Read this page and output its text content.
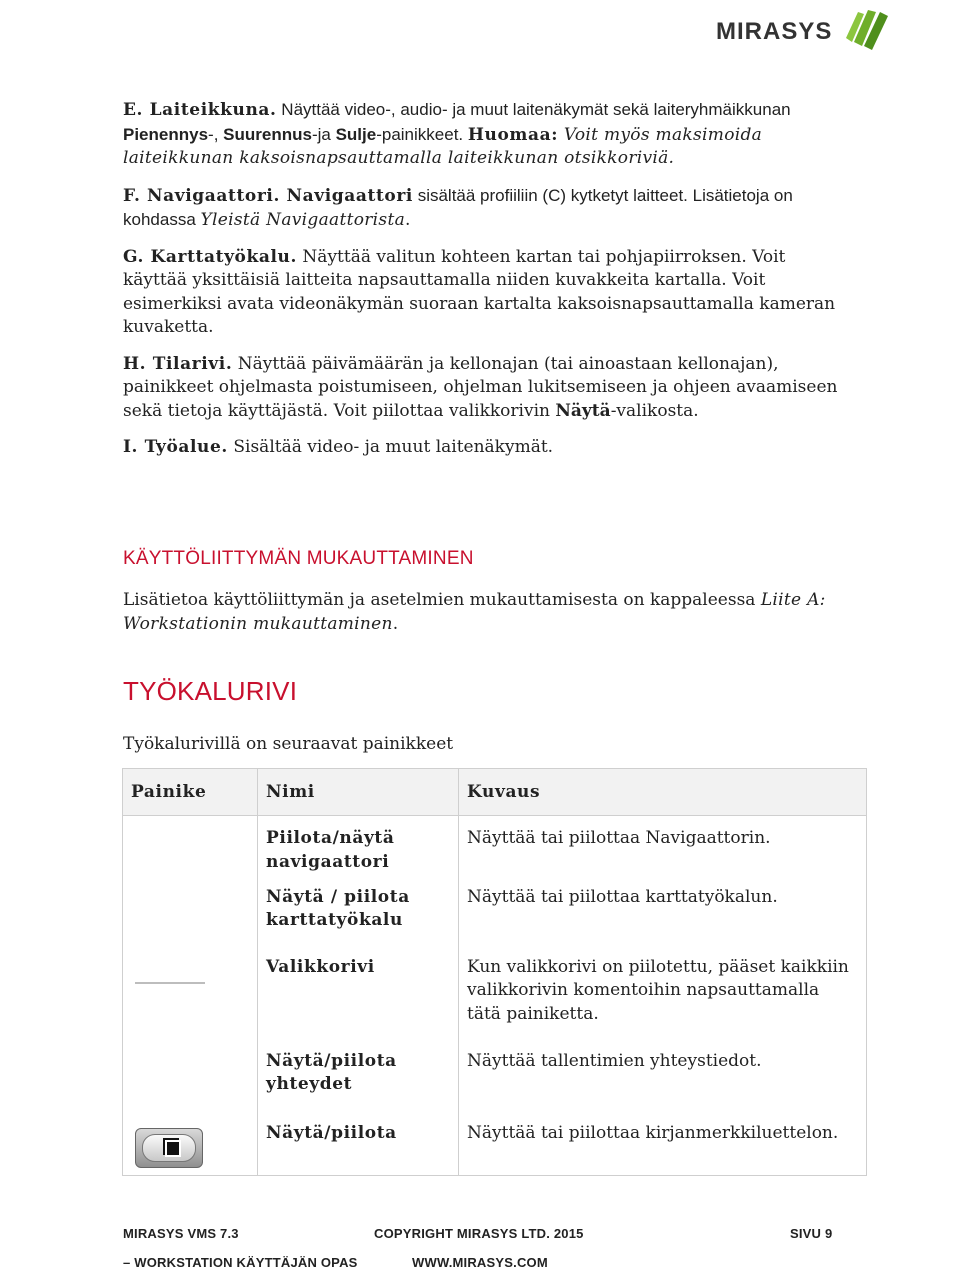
MIRASYS

E. Laiteikkuna. Näyttää video-, audio- ja muut laitenäkymät sekä laiteryhmäikkunan Pienennys-, Suurennus-ja Sulje-painikkeet. Huomaa: Voit myös maksimoida laiteikkunan kaksoisnapsauttamalla laiteikkunan otsikkoriviä.

F. Navigaattori. Navigaattori sisältää profiiliin (C) kytketyt laitteet. Lisätietoja on kohdassa Yleistä Navigaattorista.

G. Karttatyökalu. Näyttää valitun kohteen kartan tai pohjapiirroksen. Voit käyttää yksittäisiä laitteita napsauttamalla niiden kuvakkeita kartalla. Voit esimerkiksi avata videonäkymän suoraan kartalta kaksoisnapsauttamalla kameran kuvaketta.

H. Tilarivi. Näyttää päivämäärän ja kellonajan (tai ainoastaan kellonajan), painikkeet ohjelmasta poistumiseen, ohjelman lukitsemiseen ja ohjeen avaamiseen sekä tietoja käyttäjästä. Voit piilottaa valikkorivin Näytä-valikosta.

I. Työalue. Sisältää video- ja muut laitenäkymät.

KÄYTTÖLIITTYMÄN MUKAUTTAMINEN

Lisätietoa käyttöliittymän ja asetelmien mukauttamisesta on kappaleessa Liite A: Workstationin mukauttaminen.

TYÖKALURIVI

Työkalurivillä on seuraavat painikkeet

Painike	Nimi	Kuvaus
	Piilota/näytä navigaattori	Näyttää tai piilottaa Navigaattorin.
	Näytä / piilota karttatyökalu	Näyttää tai piilottaa karttatyökalun.

	Valikkorivi	Kun valikkorivi on piilotettu, pääset kaikkiin valikkorivin komentoihin napsauttamalla tätä painiketta.
	Näytä/piilota yhteydet	Näyttää tallentimien yhteystiedot.

	Näytä/piilota	Näyttää tai piilottaa kirjanmerkkiluettelon.
MIRASYS VMS 7.3
– WORKSTATION KÄYTTÄJÄN OPAS
COPYRIGHT MIRASYS LTD. 2015
WWW.MIRASYS.COM
SIVU 9
